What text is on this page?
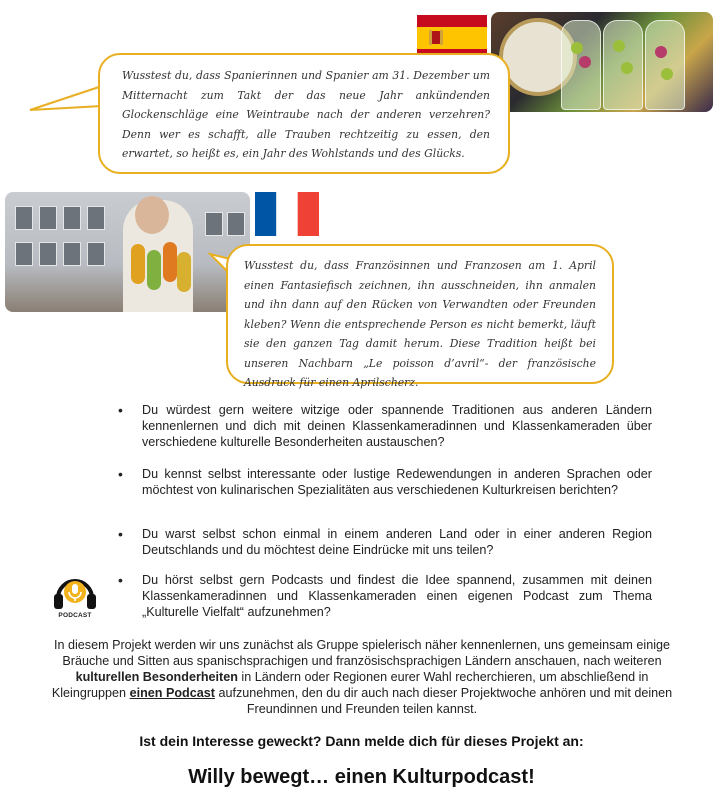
Wusstest du, dass Spanierinnen und Spanier am 31. Dezember um Mitternacht zum Takt der das neue Jahr ankündenden Glockenschläge eine Weintraube nach der anderen verzehren? Denn wer es schafft, alle Trauben rechtzeitig zu essen, den erwartet, so heißt es, ein Jahr des Wohlstands und des Glücks.
Wusstest du, dass Französinnen und Franzosen am 1. April einen Fantasiefisch zeichnen, ihn ausschneiden, ihn anmalen und ihn dann auf den Rücken von Verwandten oder Freunden kleben? Wenn die entsprechende Person es nicht bemerkt, läuft sie den ganzen Tag damit herum. Diese Tradition heißt bei unseren Nachbarn „Le poisson d’avril“- der französische Ausdruck für einen Aprilscherz.
• Du würdest gern weitere witzige oder spannende Traditionen aus anderen Ländern kennenlernen und dich mit deinen Klassenkameradinnen und Klassenkameraden über verschiedene kulturelle Besonderheiten austauschen?
• Du kennst selbst interessante oder lustige Redewendungen in anderen Sprachen oder möchtest von kulinarischen Spezialitäten aus verschiedenen Kulturkreisen berichten?
• Du warst selbst schon einmal in einem anderen Land oder in einer anderen Region Deutschlands und du möchtest deine Eindrücke mit uns teilen?
• Du hörst selbst gern Podcasts und findest die Idee spannend, zusammen mit deinen Klassenkameradinnen und Klassenkameraden einen eigenen Podcast zum Thema „Kulturelle Vielfalt“ aufzunehmen?
PODCAST
In diesem Projekt werden wir uns zunächst als Gruppe spielerisch näher kennenlernen, uns gemeinsam einige Bräuche und Sitten aus spanischsprachigen und französischsprachigen Ländern anschauen, nach weiteren kulturellen Besonderheiten in Ländern oder Regionen eurer Wahl recherchieren, um abschließend in Kleingruppen einen Podcast aufzunehmen, den du dir auch nach dieser Projektwoche anhören und mit deinen Freundinnen und Freunden teilen kannst.
Ist dein Interesse geweckt? Dann melde dich für dieses Projekt an:
Willy bewegt… einen Kulturpodcast!
